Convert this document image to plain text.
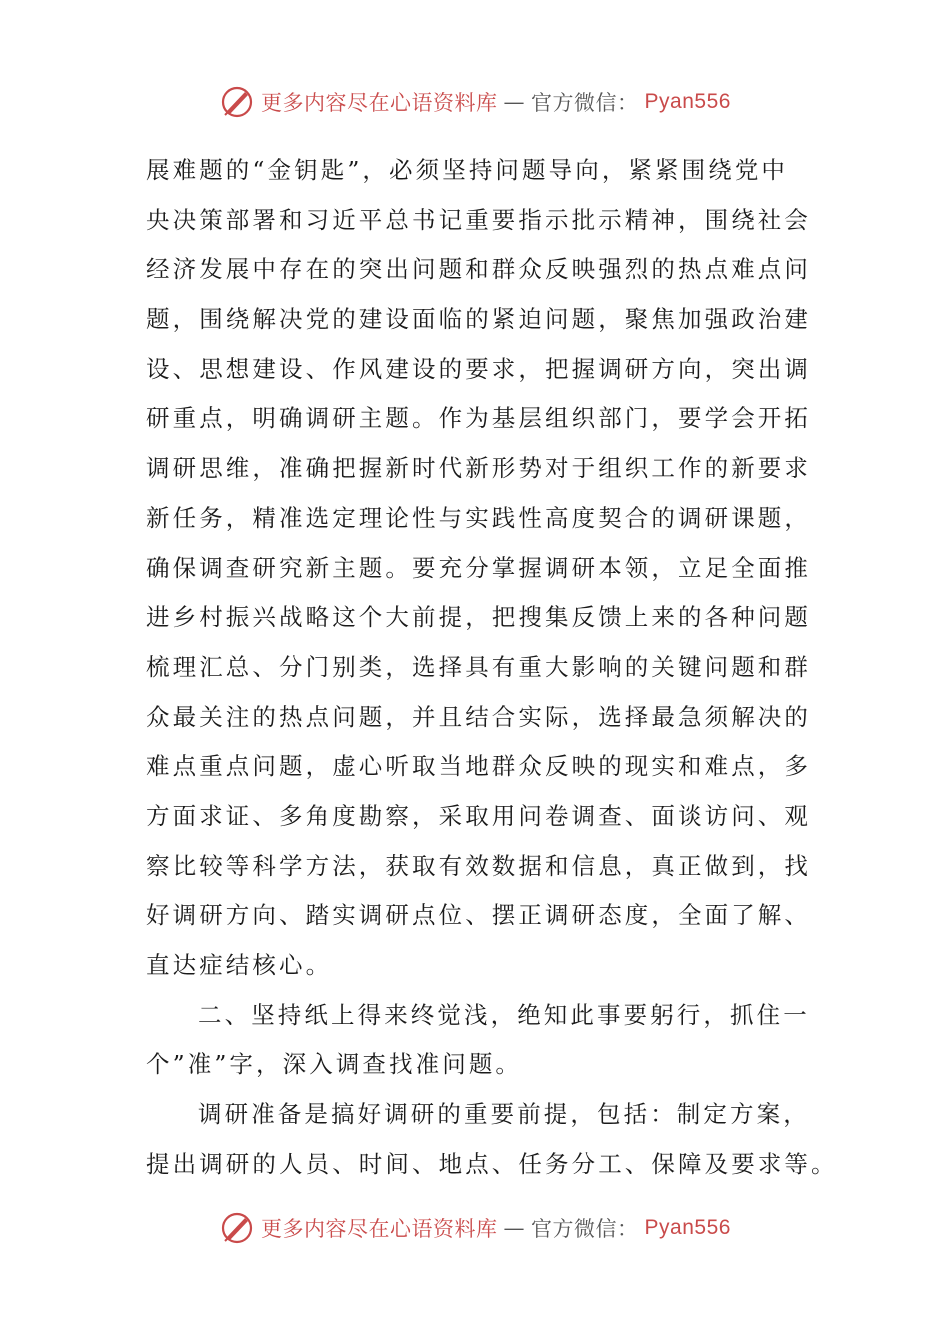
更多内容尽在心语资料库 — 官方微信： Pyan556
展难题的“金钥匙”，必须坚持问题导向，紧紧围绕党中
央决策部署和习近平总书记重要指示批示精神，围绕社会
经济发展中存在的突出问题和群众反映强烈的热点难点问
题，围绕解决党的建设面临的紧迫问题，聚焦加强政治建
设、思想建设、作风建设的要求，把握调研方向，突出调
研重点，明确调研主题。作为基层组织部门，要学会开拓
调研思维，准确把握新时代新形势对于组织工作的新要求
新任务，精准选定理论性与实践性高度契合的调研课题，
确保调查研究新主题。要充分掌握调研本领，立足全面推
进乡村振兴战略这个大前提，把搜集反馈上来的各种问题
梳理汇总、分门别类，选择具有重大影响的关键问题和群
众最关注的热点问题，并且结合实际，选择最急须解决的
难点重点问题，虚心听取当地群众反映的现实和难点，多
方面求证、多角度勘察，采取用问卷调查、面谈访问、观
察比较等科学方法，获取有效数据和信息，真正做到，找
好调研方向、踏实调研点位、摆正调研态度，全面了解、
直达症结核心。
二、坚持纸上得来终觉浅，绝知此事要躬行，抓住一
个”准”字，深入调查找准问题。
调研准备是搞好调研的重要前提，包括：制定方案，
提出调研的人员、时间、地点、任务分工、保障及要求等。
更多内容尽在心语资料库 — 官方微信： Pyan556
